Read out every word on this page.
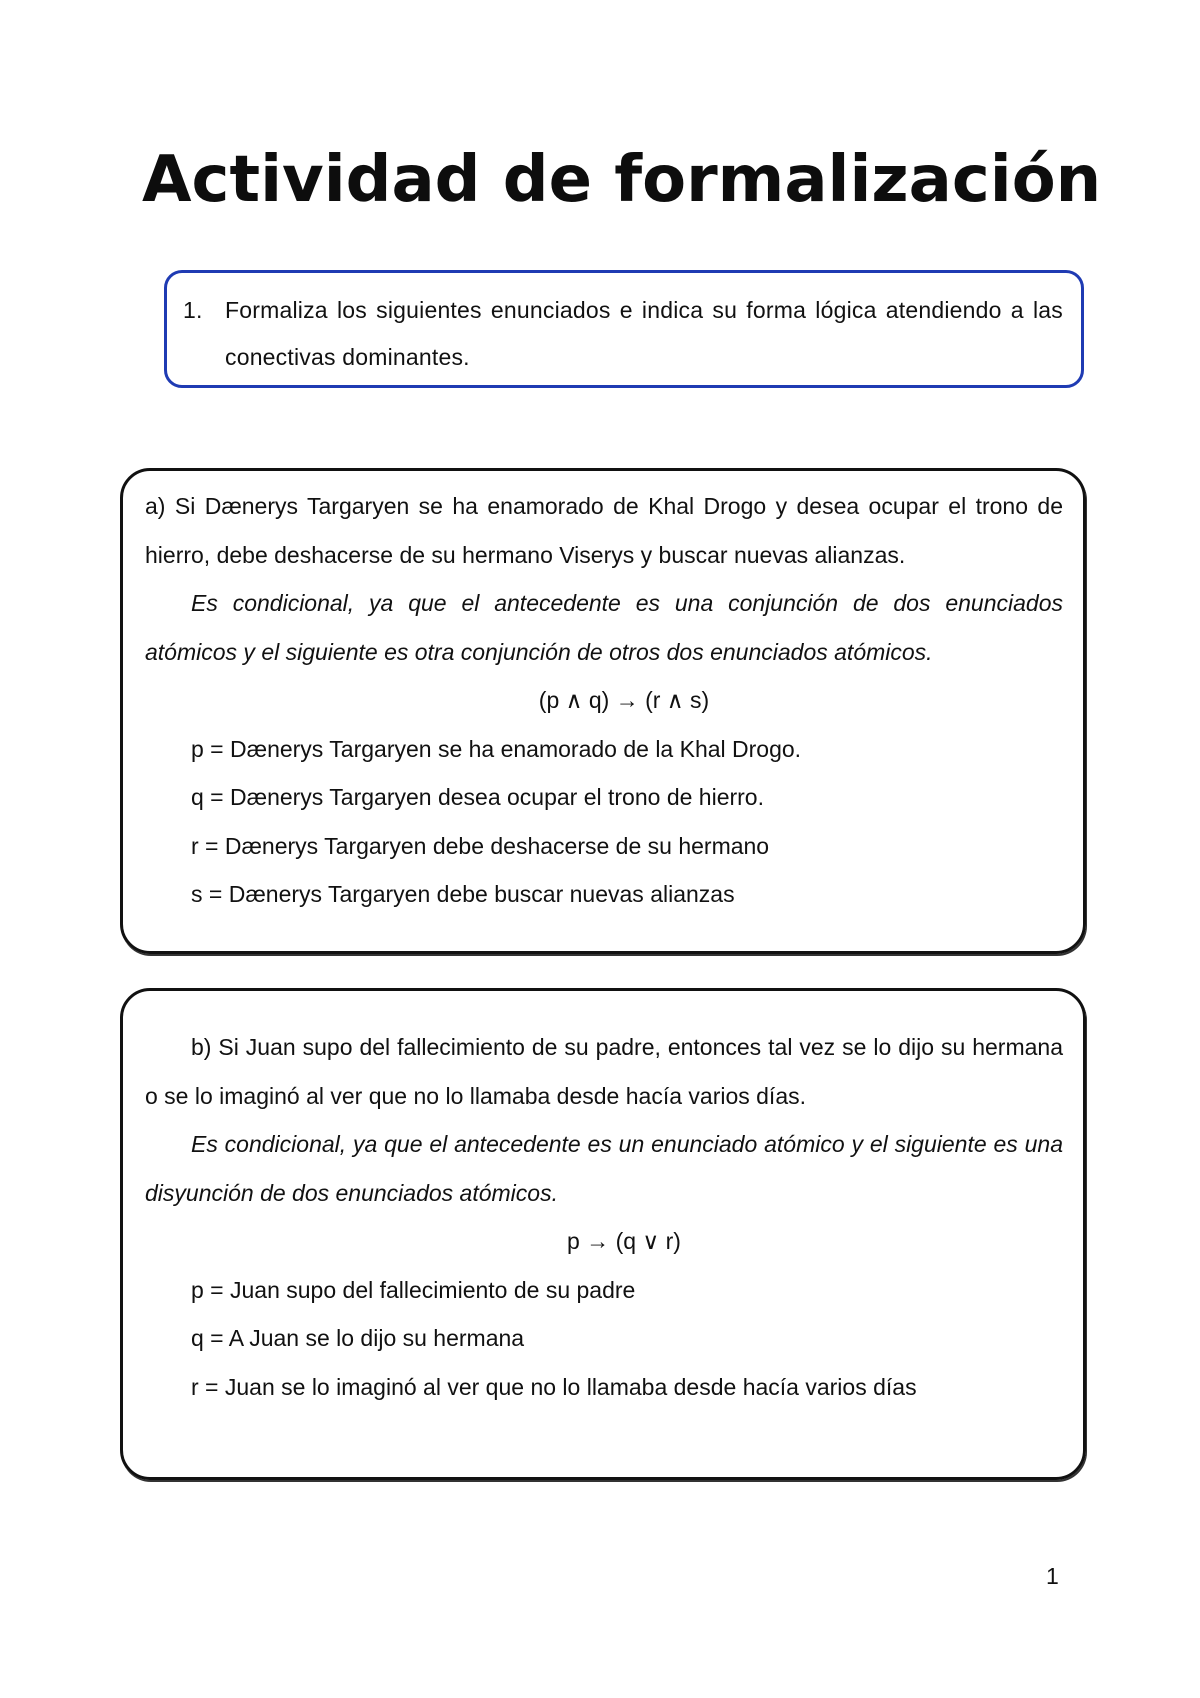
Actividad de formalización
1. Formaliza los siguientes enunciados e indica su forma lógica atendiendo a las conectivas dominantes.

a) Si Dænerys Targaryen se ha enamorado de Khal Drogo y desea ocupar el trono de hierro, debe deshacerse de su hermano Viserys y buscar nuevas alianzas.

Es condicional, ya que el antecedente es una conjunción de dos enunciados atómicos y el siguiente es otra conjunción de otros dos enunciados atómicos.

(p ∧ q) → (r ∧ s)

p = Dænerys Targaryen se ha enamorado de la Khal Drogo.

q = Dænerys Targaryen desea ocupar el trono de hierro.

r = Dænerys Targaryen debe deshacerse de su hermano

s = Dænerys Targaryen debe buscar nuevas alianzas

b) Si Juan supo del fallecimiento de su padre, entonces tal vez se lo dijo su hermana o se lo imaginó al ver que no lo llamaba desde hacía varios días.

Es condicional, ya que el antecedente es un enunciado atómico y el siguiente es una disyunción de dos enunciados atómicos.

p → (q ∨ r)

p = Juan supo del fallecimiento de su padre

q = A Juan se lo dijo su hermana

r = Juan se lo imaginó al ver que no lo llamaba desde hacía varios días

1
